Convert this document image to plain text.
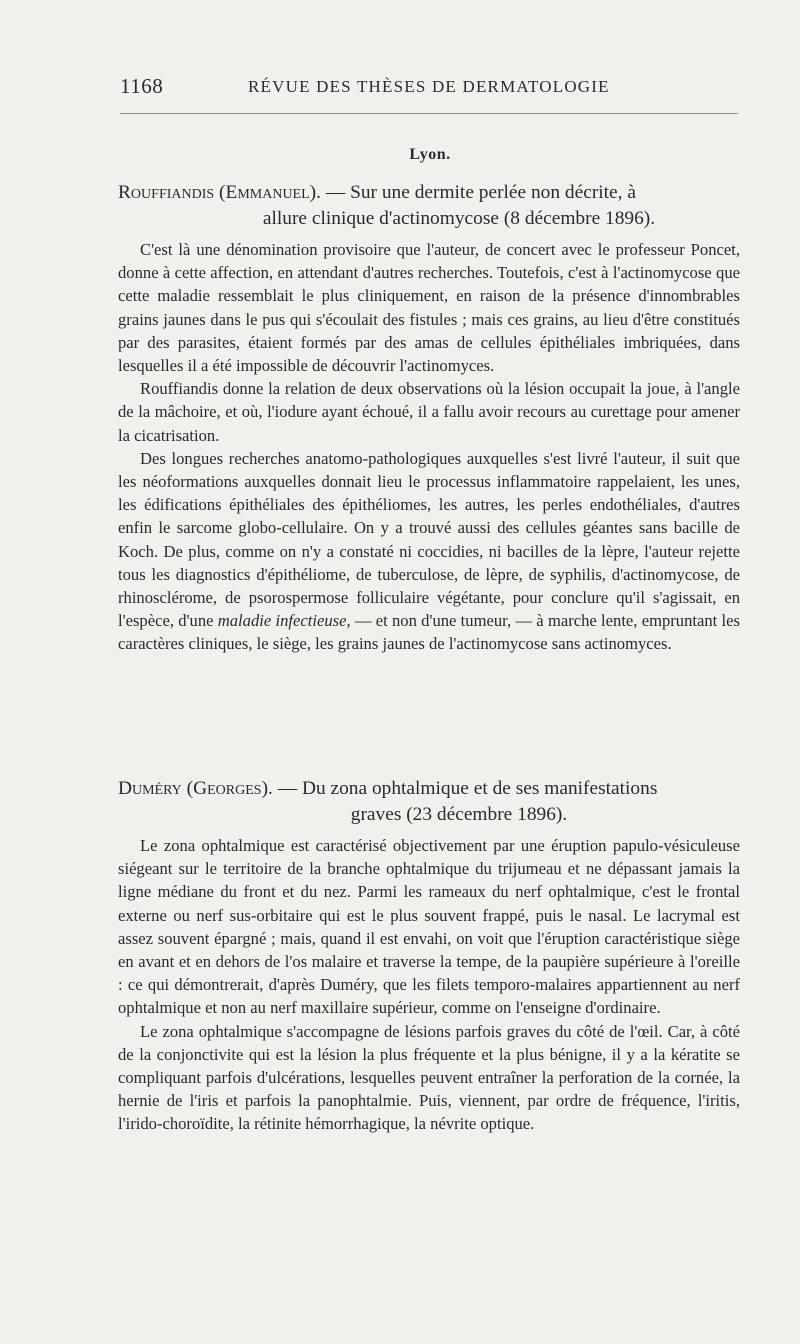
1168	RÉVUE DES THÈSES DE DERMATOLOGIE
Lyon.
Rouffiandis (Emmanuel). — Sur une dermite perlée non décrite, à
allure clinique d'actinomycose (8 décembre 1896).

C'est là une dénomination provisoire que l'auteur, de concert avec le professeur Poncet, donne à cette affection, en attendant d'autres recherches. Toutefois, c'est à l'actinomycose que cette maladie ressemblait le plus cliniquement, en raison de la présence d'innombrables grains jaunes dans le pus qui s'écoulait des fistules ; mais ces grains, au lieu d'être constitués par des parasites, étaient formés par des amas de cellules épithéliales imbriquées, dans lesquelles il a été impossible de découvrir l'actinomyces.

Rouffiandis donne la relation de deux observations où la lésion occupait la joue, à l'angle de la mâchoire, et où, l'iodure ayant échoué, il a fallu avoir recours au curettage pour amener la cicatrisation.

Des longues recherches anatomo-pathologiques auxquelles s'est livré l'auteur, il suit que les néoformations auxquelles donnait lieu le processus inflammatoire rappelaient, les unes, les édifications épithéliales des épithéliomes, les autres, les perles endothéliales, d'autres enfin le sarcome globo-cellulaire. On y a trouvé aussi des cellules géantes sans bacille de Koch. De plus, comme on n'y a constaté ni coccidies, ni bacilles de la lèpre, l'auteur rejette tous les diagnostics d'épithéliome, de tuberculose, de lèpre, de syphilis, d'actinomycose, de rhinosclérome, de psorospermose folliculaire végétante, pour conclure qu'il s'agissait, en l'espèce, d'une maladie infectieuse, — et non d'une tumeur, — à marche lente, empruntant les caractères cliniques, le siège, les grains jaunes de l'actinomycose sans actinomyces.

Duméry (Georges). — Du zona ophtalmique et de ses manifestations
graves (23 décembre 1896).

Le zona ophtalmique est caractérisé objectivement par une éruption papulo-vésiculeuse siégeant sur le territoire de la branche ophtalmique du trijumeau et ne dépassant jamais la ligne médiane du front et du nez. Parmi les rameaux du nerf ophtalmique, c'est le frontal externe ou nerf sus-orbitaire qui est le plus souvent frappé, puis le nasal. Le lacrymal est assez souvent épargné ; mais, quand il est envahi, on voit que l'éruption caractéristique siège en avant et en dehors de l'os malaire et traverse la tempe, de la paupière supérieure à l'oreille : ce qui démontrerait, d'après Duméry, que les filets temporo-malaires appartiennent au nerf ophtalmique et non au nerf maxillaire supérieur, comme on l'enseigne d'ordinaire.

Le zona ophtalmique s'accompagne de lésions parfois graves du côté de l'œil. Car, à côté de la conjonctivite qui est la lésion la plus fréquente et la plus bénigne, il y a la kératite se compliquant parfois d'ulcérations, lesquelles peuvent entraîner la perforation de la cornée, la hernie de l'iris et parfois la panophtalmie. Puis, viennent, par ordre de fréquence, l'iritis, l'irido-choroïdite, la rétinite hémorrhagique, la névrite optique.
